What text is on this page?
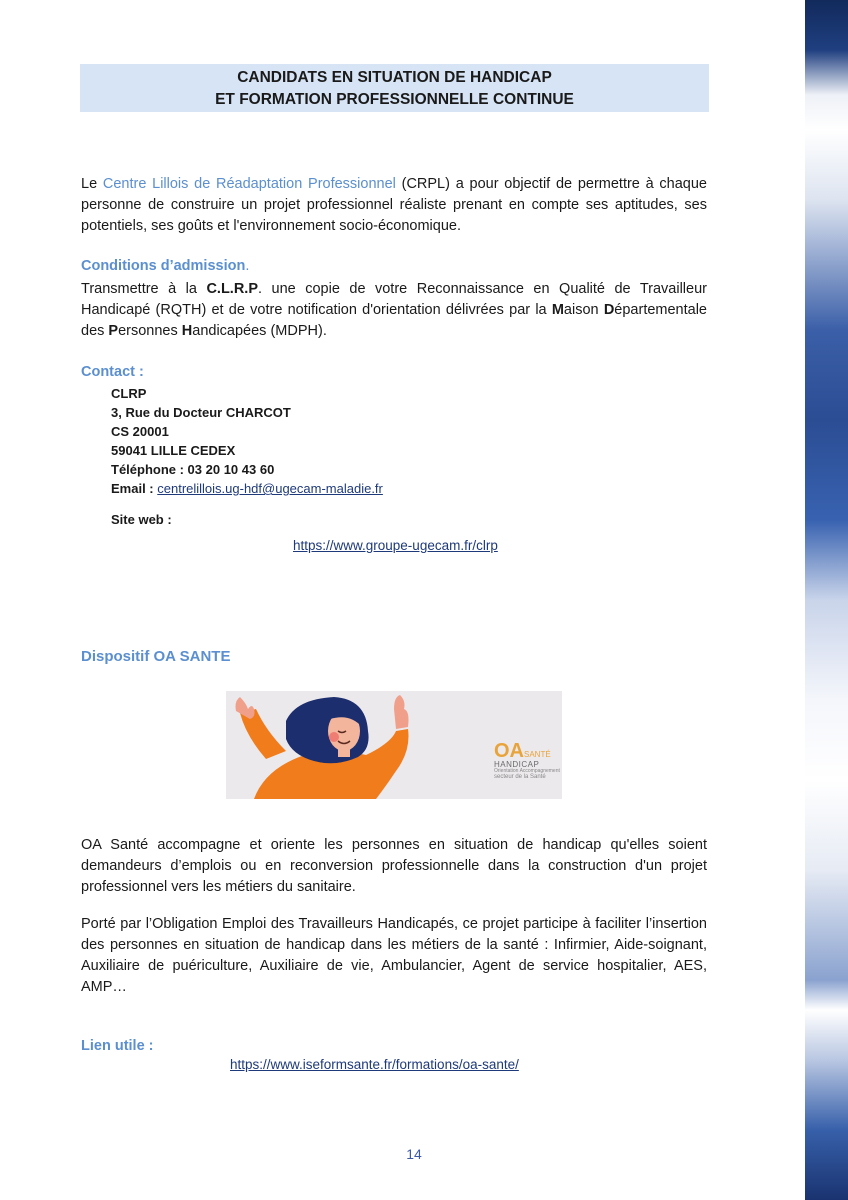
CANDIDATS EN SITUATION DE HANDICAP
ET FORMATION PROFESSIONNELLE CONTINUE
Le Centre Lillois de Réadaptation Professionnel (CRPL) a pour objectif de permettre à chaque personne de construire un projet professionnel réaliste prenant en compte ses aptitudes, ses potentiels, ses goûts et l'environnement socio-économique.
Conditions d’admission.
Transmettre à la C.L.R.P. une copie de votre Reconnaissance en Qualité de Travailleur Handicapé (RQTH) et de votre notification d'orientation délivrées par la Maison Départementale des Personnes Handicapées (MDPH).
Contact :
CLRP
3, Rue du Docteur CHARCOT
CS 20001
59041 LILLE CEDEX
Téléphone : 03 20 10 43 60
Email : centrelillois.ug-hdf@ugecam-maladie.fr
Site web :
https://www.groupe-ugecam.fr/clrp
Dispositif OA SANTE
OASANTÉ
HANDICAP
Orientation Accompagnement
secteur de la Santé
OA Santé accompagne et oriente les personnes en situation de handicap qu'elles soient demandeurs d’emplois ou en reconversion professionnelle dans la construction d'un projet professionnel vers les métiers du sanitaire.
Porté par l’Obligation Emploi des Travailleurs Handicapés, ce projet participe à faciliter l’insertion des personnes en situation de handicap dans les métiers de la santé : Infirmier, Aide-soignant, Auxiliaire de puériculture, Auxiliaire de vie, Ambulancier, Agent de service hospitalier, AES, AMP…
Lien utile :
https://www.iseformsante.fr/formations/oa-sante/
14
